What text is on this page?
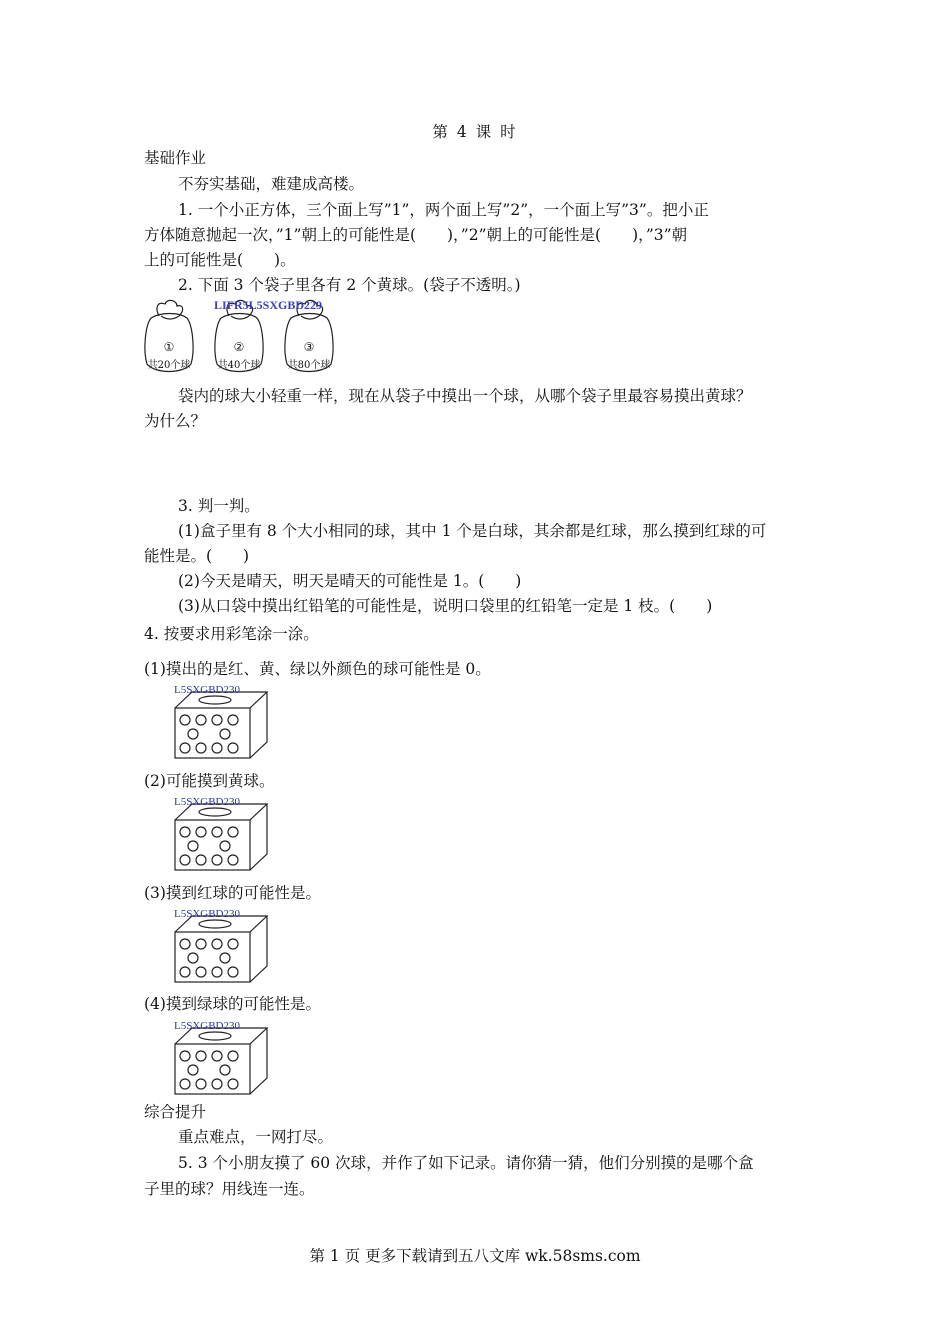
第 4 课 时
基础作业
不夯实基础，难建成高楼。
1. 一个小正方体，三个面上写”1”，两个面上写”2”，一个面上写”3”。把小正
方体随意抛起一次，”1”朝上的可能性是(　　)，”2”朝上的可能性是(　　)，”3”朝
上的可能性是(　　)。
2. 下面 3 个袋子里各有 2 个黄球。(袋子不透明。)
①
共20个球
②
共40个球
③
共80个球
LIFR5L5SXGBD229
袋内的球大小轻重一样，现在从袋子中摸出一个球，从哪个袋子里最容易摸出黄球？
为什么？
3. 判一判。
(1)盒子里有 8 个大小相同的球，其中 1 个是白球，其余都是红球，那么摸到红球的可
能性是。(　　)
(2)今天是晴天，明天是晴天的可能性是 1。(　　)
(3)从口袋中摸出红铅笔的可能性是，说明口袋里的红铅笔一定是 1 枝。(　　)
4. 按要求用彩笔涂一涂。
(1)摸出的是红、黄、绿以外颜色的球可能性是 0。
L5SXGBD230
(2)可能摸到黄球。
L5SXGBD230
(3)摸到红球的可能性是。
L5SXGBD230
(4)摸到绿球的可能性是。
L5SXGBD230
综合提升
重点难点，一网打尽。
5. 3 个小朋友摸了 60 次球，并作了如下记录。请你猜一猜，他们分别摸的是哪个盒
子里的球？用线连一连。
第 1 页 更多下载请到五八文库 wk.58sms.com
